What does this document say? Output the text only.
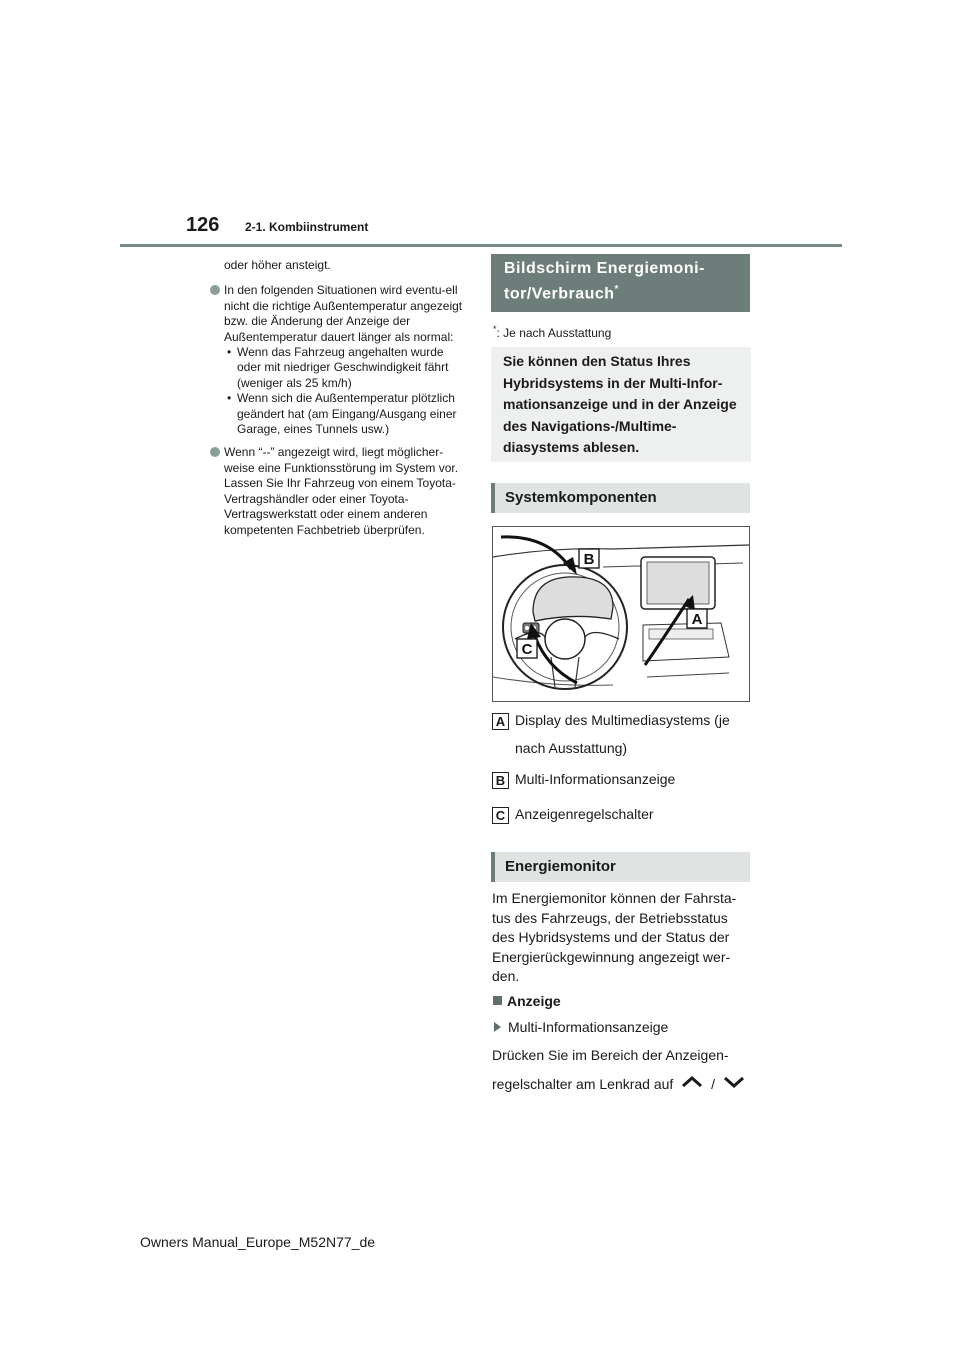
126 2-1. Kombiinstrument

oder höher ansteigt.

In den folgenden Situationen wird eventu-ell nicht die richtige Außentemperatur angezeigt bzw. die Änderung der Anzeige der Außentemperatur dauert länger als normal:

• Wenn das Fahrzeug angehalten wurde oder mit niedriger Geschwindigkeit fährt (weniger als 25 km/h)

• Wenn sich die Außentemperatur plötzlich geändert hat (am Eingang/Ausgang einer Garage, eines Tunnels usw.)

Wenn “--” angezeigt wird, liegt möglicher-weise eine Funktionsstörung im System vor. Lassen Sie Ihr Fahrzeug von einem Toyota-Vertragshändler oder einer Toyota-Vertragswerkstatt oder einem anderen kompetenten Fachbetrieb überprüfen.

Bildschirm Energiemoni-
tor/Verbrauch*
*: Je nach Ausstattung
Sie können den Status Ihres Hybridsystems in der Multi-Infor-mationsanzeige und in der Anzeige des Navigations-/Multime-diasystems ablesen.
Systemkomponenten
B
A
C
A Display des Multimediasystems (je
nach Ausstattung)
B Multi-Informationsanzeige
C Anzeigenregelschalter
Energiemonitor

Im Energiemonitor können der Fahrsta-tus des Fahrzeugs, der Betriebsstatus des Hybridsystems und der Status der Energierückgewinnung angezeigt wer-den.

Anzeige
Multi-Informationsanzeige
Drücken Sie im Bereich der Anzeigen-
regelschalter am Lenkrad auf	/
Owners Manual_Europe_M52N77_de
